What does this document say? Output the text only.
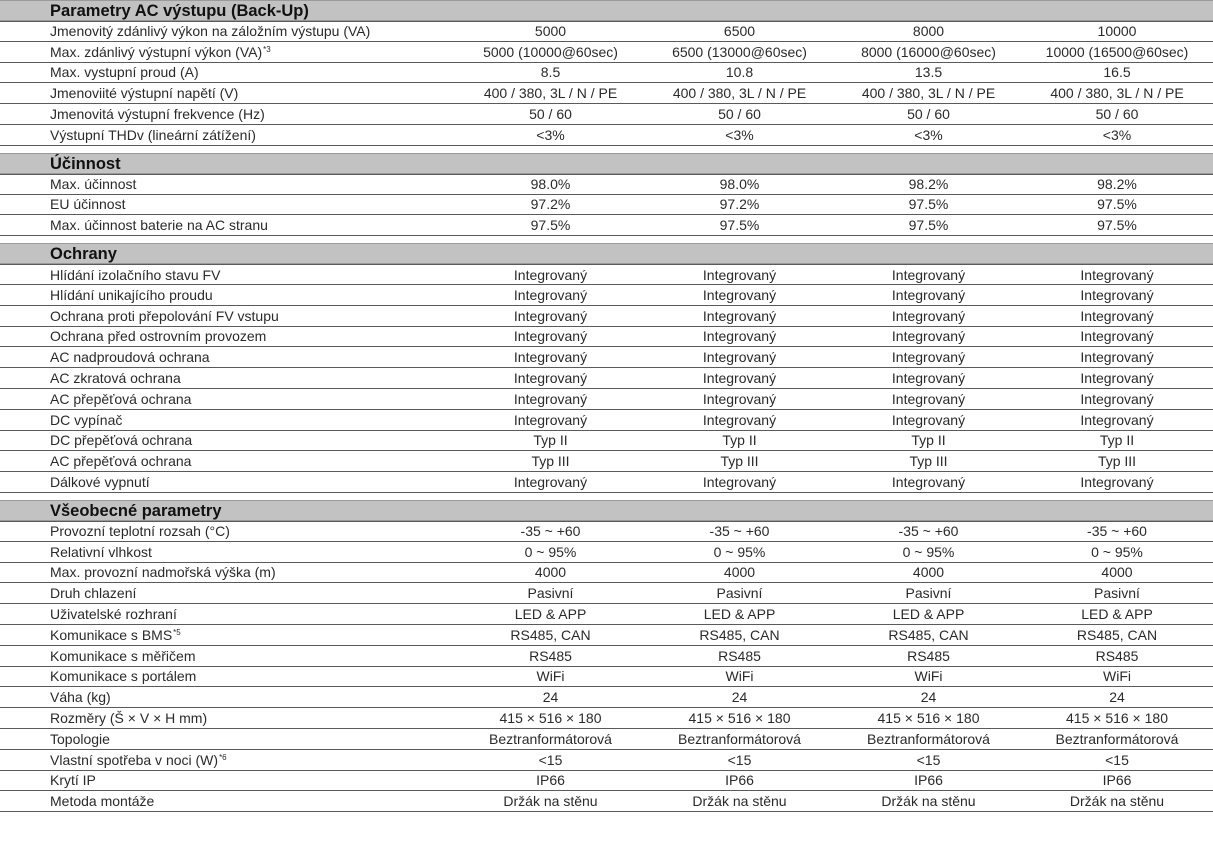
Parametry AC výstupu (Back-Up)
Jmenovitý zdánlivý výkon na záložním výstupu (VA)	5000	6500	8000	10000
Max. zdánlivý výstupní výkon (VA)$^{*3}$	5000 (10000@60sec)	6500 (13000@60sec)	8000 (16000@60sec)	10000 (16500@60sec)
Max. vystupní proud (A)	8.5	10.8	13.5	16.5
Jmenoviité výstupní napětí (V)	400 / 380, 3L / N / PE	400 / 380, 3L / N / PE	400 / 380, 3L / N / PE	400 / 380, 3L / N / PE
Jmenovitá výstupní frekvence (Hz)	50 / 60	50 / 60	50 / 60	50 / 60
Výstupní THDv (lineární zátížení)	<3%	<3%	<3%	<3%
Účinnost
Max. účinnost	98.0%	98.0%	98.2%	98.2%
EU účinnost	97.2%	97.2%	97.5%	97.5%
Max. účinnost baterie na AC stranu	97.5%	97.5%	97.5%	97.5%
Ochrany
Hlídání izolačního stavu FV	Integrovaný	Integrovaný	Integrovaný	Integrovaný
Hlídání unikajícího proudu	Integrovaný	Integrovaný	Integrovaný	Integrovaný
Ochrana proti přepolování FV vstupu	Integrovaný	Integrovaný	Integrovaný	Integrovaný
Ochrana před ostrovním provozem	Integrovaný	Integrovaný	Integrovaný	Integrovaný
AC nadproudová ochrana	Integrovaný	Integrovaný	Integrovaný	Integrovaný
AC zkratová ochrana	Integrovaný	Integrovaný	Integrovaný	Integrovaný
AC přepěťová ochrana	Integrovaný	Integrovaný	Integrovaný	Integrovaný
DC vypínač	Integrovaný	Integrovaný	Integrovaný	Integrovaný
DC přepěťová ochrana	Typ II	Typ II	Typ II	Typ II
AC přepěťová ochrana	Typ III	Typ III	Typ III	Typ III
Dálkové vypnutí	Integrovaný	Integrovaný	Integrovaný	Integrovaný
Všeobecné parametry
Provozní teplotní rozsah (°C)	-35 ~ +60	-35 ~ +60	-35 ~ +60	-35 ~ +60
Relativní vlhkost	0 ~ 95%	0 ~ 95%	0 ~ 95%	0 ~ 95%
Max. provozní nadmořská výška (m)	4000	4000	4000	4000
Druh chlazení	Pasivní	Pasivní	Pasivní	Pasivní
Uživatelské rozhraní	LED & APP	LED & APP	LED & APP	LED & APP
Komunikace s BMS$^{*5}$	RS485, CAN	RS485, CAN	RS485, CAN	RS485, CAN
Komunikace s měřičem	RS485	RS485	RS485	RS485
Komunikace s portálem	WiFi	WiFi	WiFi	WiFi
Váha (kg)	24	24	24	24
Rozměry (Š × V × H mm)	415 × 516 × 180	415 × 516 × 180	415 × 516 × 180	415 × 516 × 180
Topologie	Beztranformátorová	Beztranformátorová	Beztranformátorová	Beztranformátorová
Vlastní spotřeba v noci $(W)^{*6}$	<15	<15	<15	<15
Krytí IP	IP66	IP66	IP66	IP66
Metoda montáže	Držák na stěnu	Držák na stěnu	Držák na stěnu	Držák na stěnu
